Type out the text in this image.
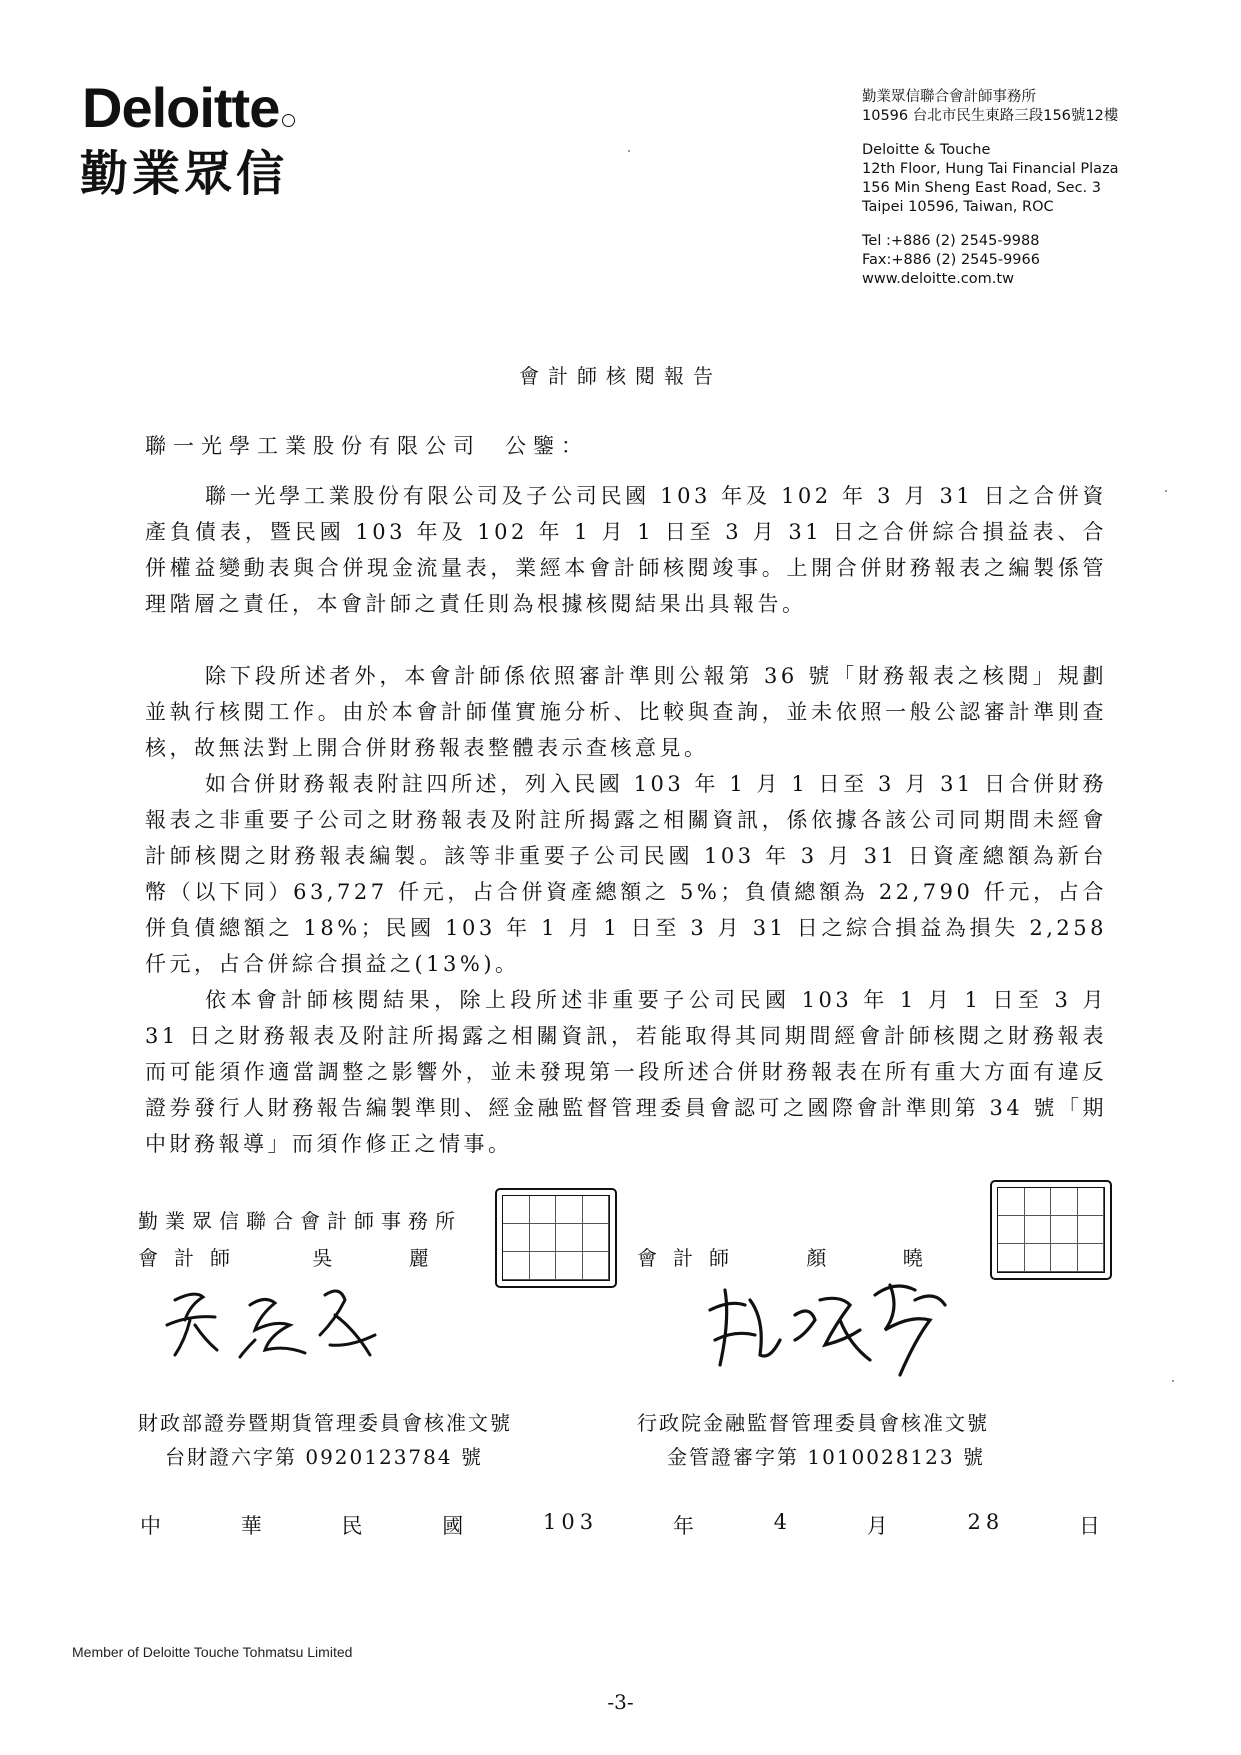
Deloitte
勤業眾信
勤業眾信聯合會計師事務所
10596 台北市民生東路三段156號12樓
Deloitte & Touche
12th Floor, Hung Tai Financial Plaza
156 Min Sheng East Road, Sec. 3
Taipei 10596, Taiwan, ROC
Tel :+886 (2) 2545-9988
Fax:+886 (2) 2545-9966
www.deloitte.com.tw
會計師核閱報告
聯一光學工業股份有限公司 公鑒：

聯一光學工業股份有限公司及子公司民國 103 年及 102 年 3 月 31 日之合併資產負債表，暨民國 103 年及 102 年 1 月 1 日至 3 月 31 日之合併綜合損益表、合併權益變動表與合併現金流量表，業經本會計師核閱竣事。上開合併財務報表之編製係管理階層之責任，本會計師之責任則為根據核閱結果出具報告。

除下段所述者外，本會計師係依照審計準則公報第 36 號「財務報表之核閱」規劃並執行核閱工作。由於本會計師僅實施分析、比較與查詢，並未依照一般公認審計準則查核，故無法對上開合併財務報表整體表示查核意見。

如合併財務報表附註四所述，列入民國 103 年 1 月 1 日至 3 月 31 日合併財務報表之非重要子公司之財務報表及附註所揭露之相關資訊，係依據各該公司同期間未經會計師核閱之財務報表編製。該等非重要子公司民國 103 年 3 月 31 日資產總額為新台幣（以下同）63,727 仟元，占合併資產總額之 5%；負債總額為 22,790 仟元，占合併負債總額之 18%；民國 103 年 1 月 1 日至 3 月 31 日之綜合損益為損失 2,258 仟元，占合併綜合損益之(13%)。

依本會計師核閱結果，除上段所述非重要子公司民國 103 年 1 月 1 日至 3 月 31 日之財務報表及附註所揭露之相關資訊，若能取得其同期間經會計師核閱之財務報表而可能須作適當調整之影響外，並未發現第一段所述合併財務報表在所有重大方面有違反證券發行人財務報告編製準則、經金融監督管理委員會認可之國際會計準則第 34 號「期中財務報導」而須作修正之情事。

勤業眾信聯合會計師事務所
會計師	吳	麗	會計師	顏	曉
財政部證券暨期貨管理委員會核准文號
台財證六字第 0920123784 號
行政院金融監督管理委員會核准文號
金管證審字第 1010028123 號
中	華	民	國	103	年	4	月	28	日
Member of Deloitte Touche Tohmatsu Limited
-3-
